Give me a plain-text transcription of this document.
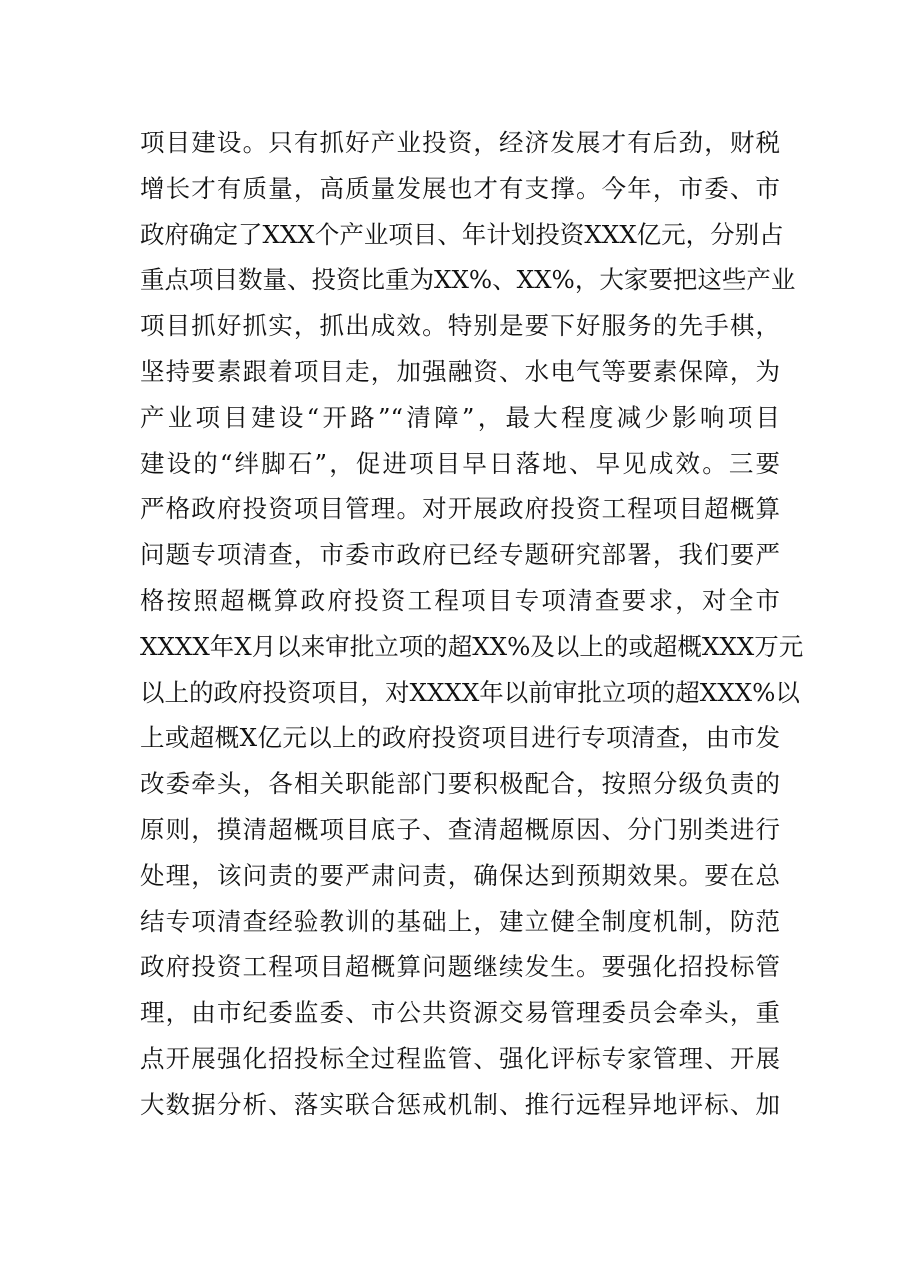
项目建设。只有抓好产业投资，经济发展才有后劲，财税
增长才有质量，高质量发展也才有支撑。今年，市委、市
政府确定了XXX个产业项目、年计划投资XXX亿元，分别占
重点项目数量、投资比重为XX%、XX%，大家要把这些产业
项目抓好抓实，抓出成效。特别是要下好服务的先手棋，
坚持要素跟着项目走，加强融资、水电气等要素保障，为
产业项目建设“开路”“清障”，最大程度减少影响项目
建设的“绊脚石”，促进项目早日落地、早见成效。三要
严格政府投资项目管理。对开展政府投资工程项目超概算
问题专项清查，市委市政府已经专题研究部署，我们要严
格按照超概算政府投资工程项目专项清查要求，对全市
XXXX年X月以来审批立项的超XX%及以上的或超概XXX万元
以上的政府投资项目，对XXXX年以前审批立项的超XXX%以
上或超概X亿元以上的政府投资项目进行专项清查，由市发
改委牵头，各相关职能部门要积极配合，按照分级负责的
原则，摸清超概项目底子、查清超概原因、分门别类进行
处理，该问责的要严肃问责，确保达到预期效果。要在总
结专项清查经验教训的基础上，建立健全制度机制，防范
政府投资工程项目超概算问题继续发生。要强化招投标管
理，由市纪委监委、市公共资源交易管理委员会牵头，重
点开展强化招投标全过程监管、强化评标专家管理、开展
大数据分析、落实联合惩戒机制、推行远程异地评标、加
